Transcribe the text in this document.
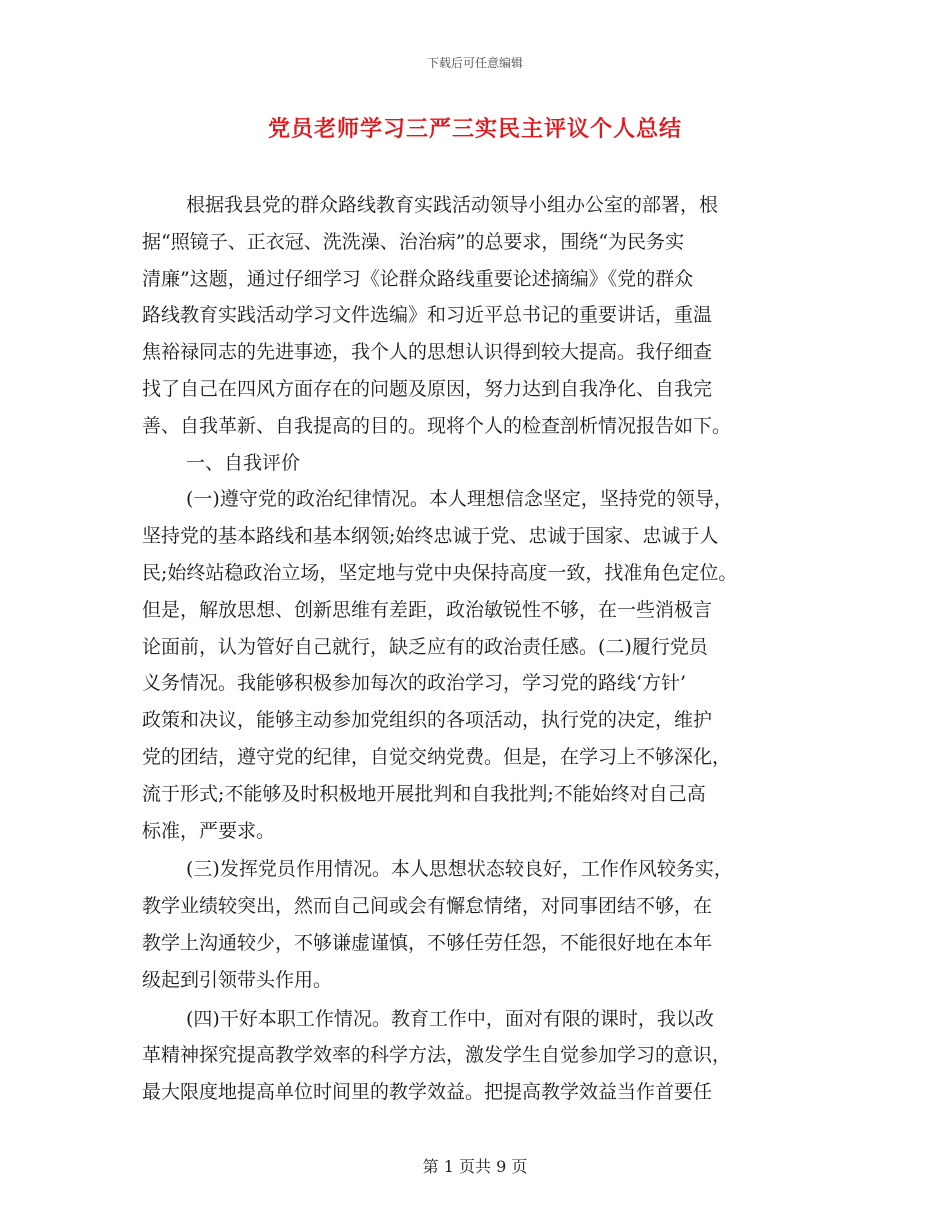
下载后可任意编辑
党员老师学习三严三实民主评议个人总结
根据我县党的群众路线教育实践活动领导小组办公室的部署，根
据“照镜子、正衣冠、洗洗澡、治治病”的总要求，围绕“为民务实
清廉”这题，通过仔细学习《论群众路线重要论述摘编》《党的群众
路线教育实践活动学习文件选编》和习近平总书记的重要讲话，重温
焦裕禄同志的先进事迹，我个人的思想认识得到较大提高。我仔细查
找了自己在四风方面存在的问题及原因，努力达到自我净化、自我完
善、自我革新、自我提高的目的。现将个人的检查剖析情况报告如下。
一、自我评价
(一)遵守党的政治纪律情况。本人理想信念坚定，坚持党的领导，
坚持党的基本路线和基本纲领;始终忠诚于党、忠诚于国家、忠诚于人
民;始终站稳政治立场，坚定地与党中央保持高度一致，找准角色定位。
但是，解放思想、创新思维有差距，政治敏锐性不够，在一些消极言
论面前，认为管好自己就行，缺乏应有的政治责任感。(二)履行党员
义务情况。我能够积极参加每次的政治学习，学习党的路线‘方针’
政策和决议，能够主动参加党组织的各项活动，执行党的决定，维护
党的团结，遵守党的纪律，自觉交纳党费。但是，在学习上不够深化，
流于形式;不能够及时积极地开展批判和自我批判;不能始终对自己高
标准，严要求。
(三)发挥党员作用情况。本人思想状态较良好，工作作风较务实，
教学业绩较突出，然而自己间或会有懈怠情绪，对同事团结不够，在
教学上沟通较少，不够谦虚谨慎，不够任劳任怨，不能很好地在本年
级起到引领带头作用。
(四)干好本职工作情况。教育工作中，面对有限的课时，我以改
革精神探究提高教学效率的科学方法，激发学生自觉参加学习的意识，
最大限度地提高单位时间里的教学效益。把提高教学效益当作首要任
第 1 页共 9 页
